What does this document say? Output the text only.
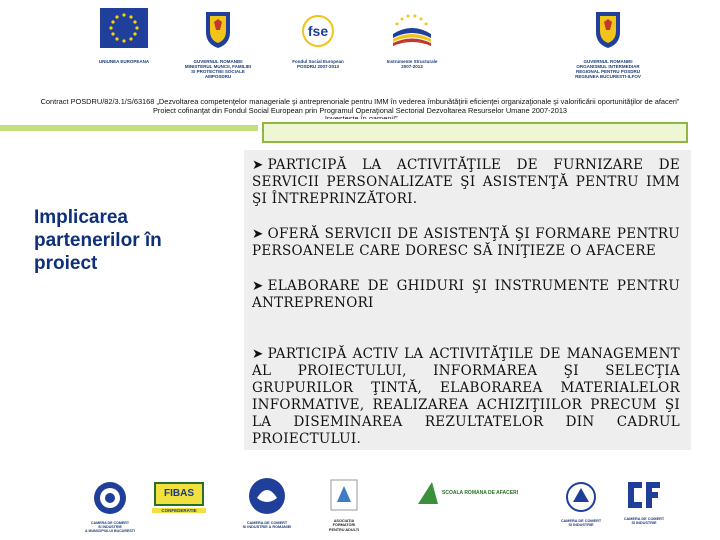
UNIUNEA EUROPEANA	GUVERNUL ROMANIEI
MINISTERUL MUNCII, FAMILIEI
SI PROTECTIEI SOCIALE
AMPOSDRU
fse
Fondul Social European
POSDRU 2007-2013
Instrumente Structurale
2007-2013
GUVERNUL ROMANIEI
ORGANISMUL INTERMEDIAR
REGIONAL PENTRU POSDRU
REGIUNEA BUCURESTI-ILFOV
Contract POSDRU/82/3.1/S/63168 „Dezvoltarea competenţelor manageriale şi antreprenoriale pentru IMM în vederea îmbunătăţirii eficienţei organizaţionale şi valorificării oportunităţilor de afaceri”
Proiect cofinanţat din Fondul Social European prin Programul Operaţional Sectorial Dezvoltarea Resurselor Umane 2007-2013
Implicarea partenerilor în proiect
➤ PARTICIPĂ LA ACTIVITĂŢILE DE FURNIZARE DE SERVICII PERSONALIZATE ŞI ASISTENŢĂ PENTRU IMM ŞI ÎNTREPRINZĂTORI.
➤ OFERĂ SERVICII DE ASISTENŢĂ ŞI FORMARE PENTRU PERSOANELE CARE DORESC SĂ INIŢIEZE O AFACERE
➤ ELABORARE DE GHIDURI ŞI INSTRUMENTE PENTRU ANTREPRENORI
➤ PARTICIPĂ ACTIV LA ACTIVITĂŢILE DE MANAGEMENT AL PROIECTULUI, INFORMAREA ŞI SELECŢIA GRUPURILOR ŢINTĂ, ELABORAREA MATERIALELOR INFORMATIVE, REALIZAREA ACHIZIŢIILOR PRECUM ŞI LA DISEMINAREA REZULTATELOR DIN CADRUL PROIECTULUI.
CAMERA DE COMERT
SI INDUSTRIE
A MUNICIPIULUI BUCURESTI
FIBAS
CONFEDERATIE
CAMERA DE COMERT
SI INDUSTRIE A ROMANIEI
ASOCIATIA
FORMATORI
PENTRU ADULTI
SCOALA ROMANA DE AFACERI
CAMERA DE COMERT
SI INDUSTRIE
CAMERA DE COMERT
SI INDUSTRIE
